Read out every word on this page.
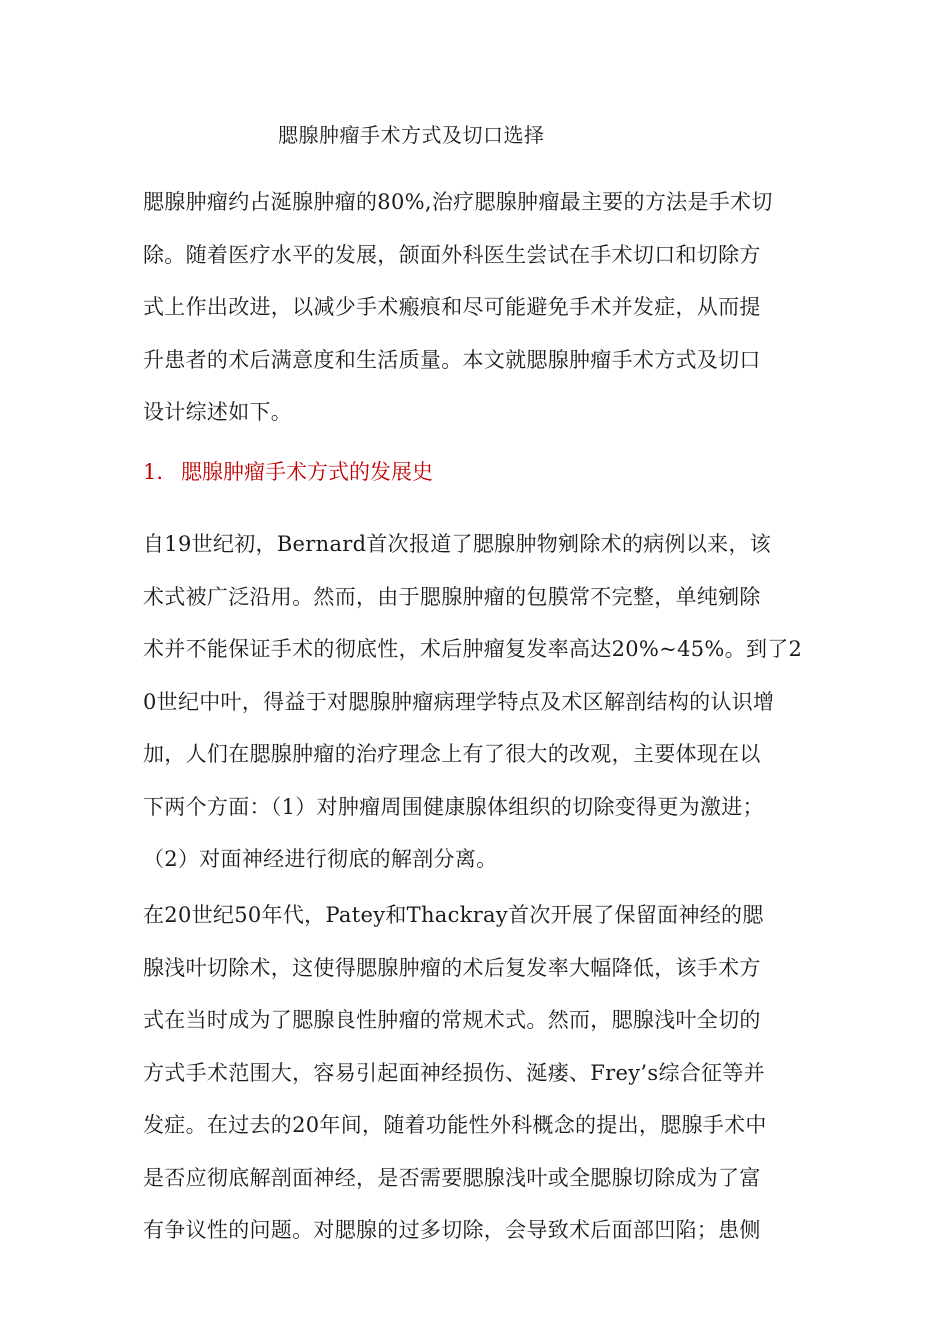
腮腺肿瘤手术方式及切口选择
腮腺肿瘤约占涎腺肿瘤的80%,治疗腮腺肿瘤最主要的方法是手术切
除。随着医疗水平的发展，颌面外科医生尝试在手术切口和切除方
式上作出改进，以减少手术瘢痕和尽可能避免手术并发症，从而提
升患者的术后满意度和生活质量。本文就腮腺肿瘤手术方式及切口
设计综述如下。
1. 腮腺肿瘤手术方式的发展史
自19世纪初，Bernard首次报道了腮腺肿物剜除术的病例以来，该
术式被广泛沿用。然而，由于腮腺肿瘤的包膜常不完整，单纯剜除
术并不能保证手术的彻底性，术后肿瘤复发率高达20%~45%。到了2
0世纪中叶，得益于对腮腺肿瘤病理学特点及术区解剖结构的认识增
加，人们在腮腺肿瘤的治疗理念上有了很大的改观，主要体现在以
下两个方面：（1）对肿瘤周围健康腺体组织的切除变得更为激进；
（2）对面神经进行彻底的解剖分离。
在20世纪50年代，Patey和Thackray首次开展了保留面神经的腮
腺浅叶切除术，这使得腮腺肿瘤的术后复发率大幅降低，该手术方
式在当时成为了腮腺良性肿瘤的常规术式。然而，腮腺浅叶全切的
方式手术范围大，容易引起面神经损伤、涎瘘、Frey’s综合征等并
发症。在过去的20年间，随着功能性外科概念的提出，腮腺手术中
是否应彻底解剖面神经，是否需要腮腺浅叶或全腮腺切除成为了富
有争议性的问题。对腮腺的过多切除，会导致术后面部凹陷；患侧
